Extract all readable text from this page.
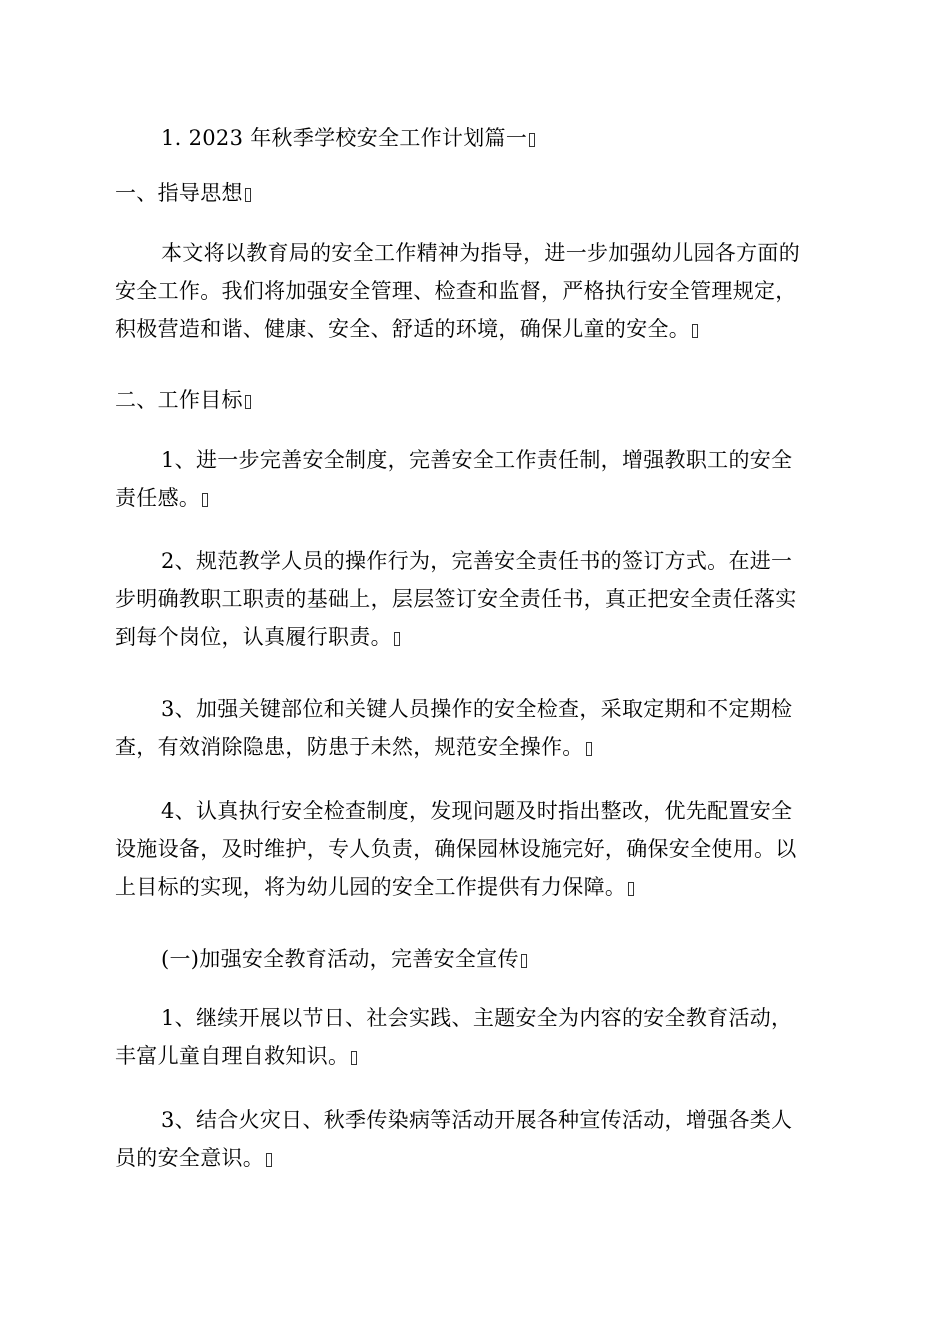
1. 2023 年秋季学校安全工作计划篇一

一、指导思想

本文将以教育局的安全工作精神为指导，进一步加强幼儿园各方面的
安全工作。我们将加强安全管理、检查和监督，严格执行安全管理规定，
积极营造和谐、健康、安全、舒适的环境，确保儿童的安全。

二、工作目标

1、进一步完善安全制度，完善安全工作责任制，增强教职工的安全
责任感。

2、规范教学人员的操作行为，完善安全责任书的签订方式。在进一
步明确教职工职责的基础上，层层签订安全责任书，真正把安全责任落实
到每个岗位，认真履行职责。

3、加强关键部位和关键人员操作的安全检查，采取定期和不定期检
查，有效消除隐患，防患于未然，规范安全操作。

4、认真执行安全检查制度，发现问题及时指出整改，优先配置安全
设施设备，及时维护，专人负责，确保园林设施完好，确保安全使用。以
上目标的实现，将为幼儿园的安全工作提供有力保障。

(一)加强安全教育活动，完善安全宣传

1、继续开展以节日、社会实践、主题安全为内容的安全教育活动，
丰富儿童自理自救知识。

3、结合火灾日、秋季传染病等活动开展各种宣传活动，增强各类人
员的安全意识。
